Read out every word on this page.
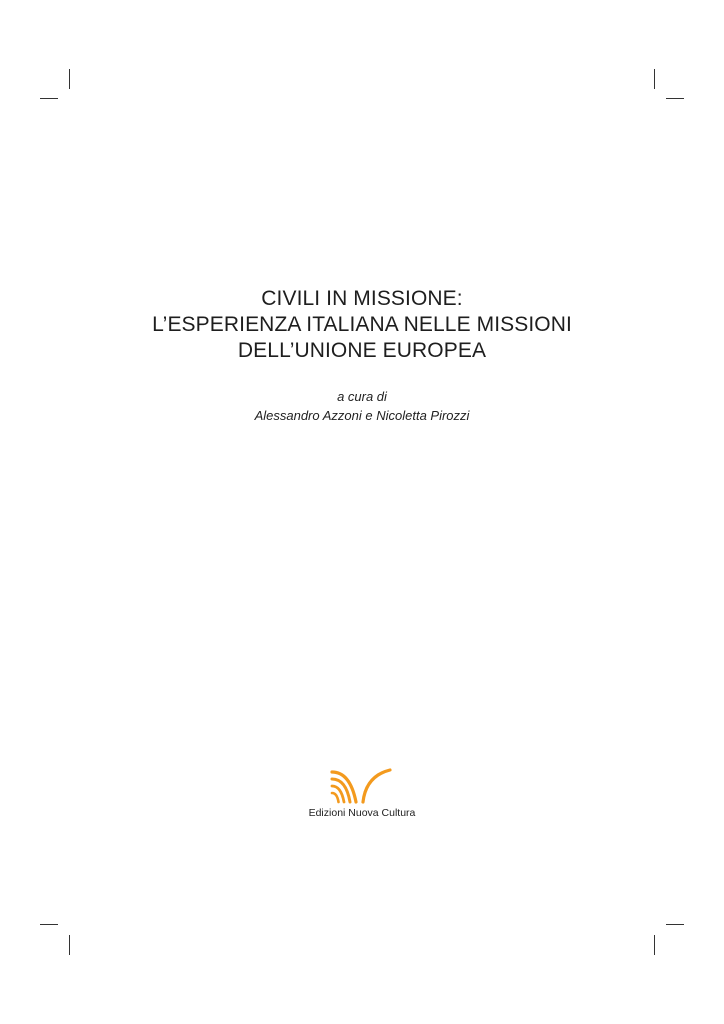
CIVILI IN MISSIONE:
L’ESPERIENZA ITALIANA NELLE MISSIONI
DELL’UNIONE EUROPEA
a cura di
Alessandro Azzoni e Nicoletta Pirozzi
Edizioni Nuova Cultura
